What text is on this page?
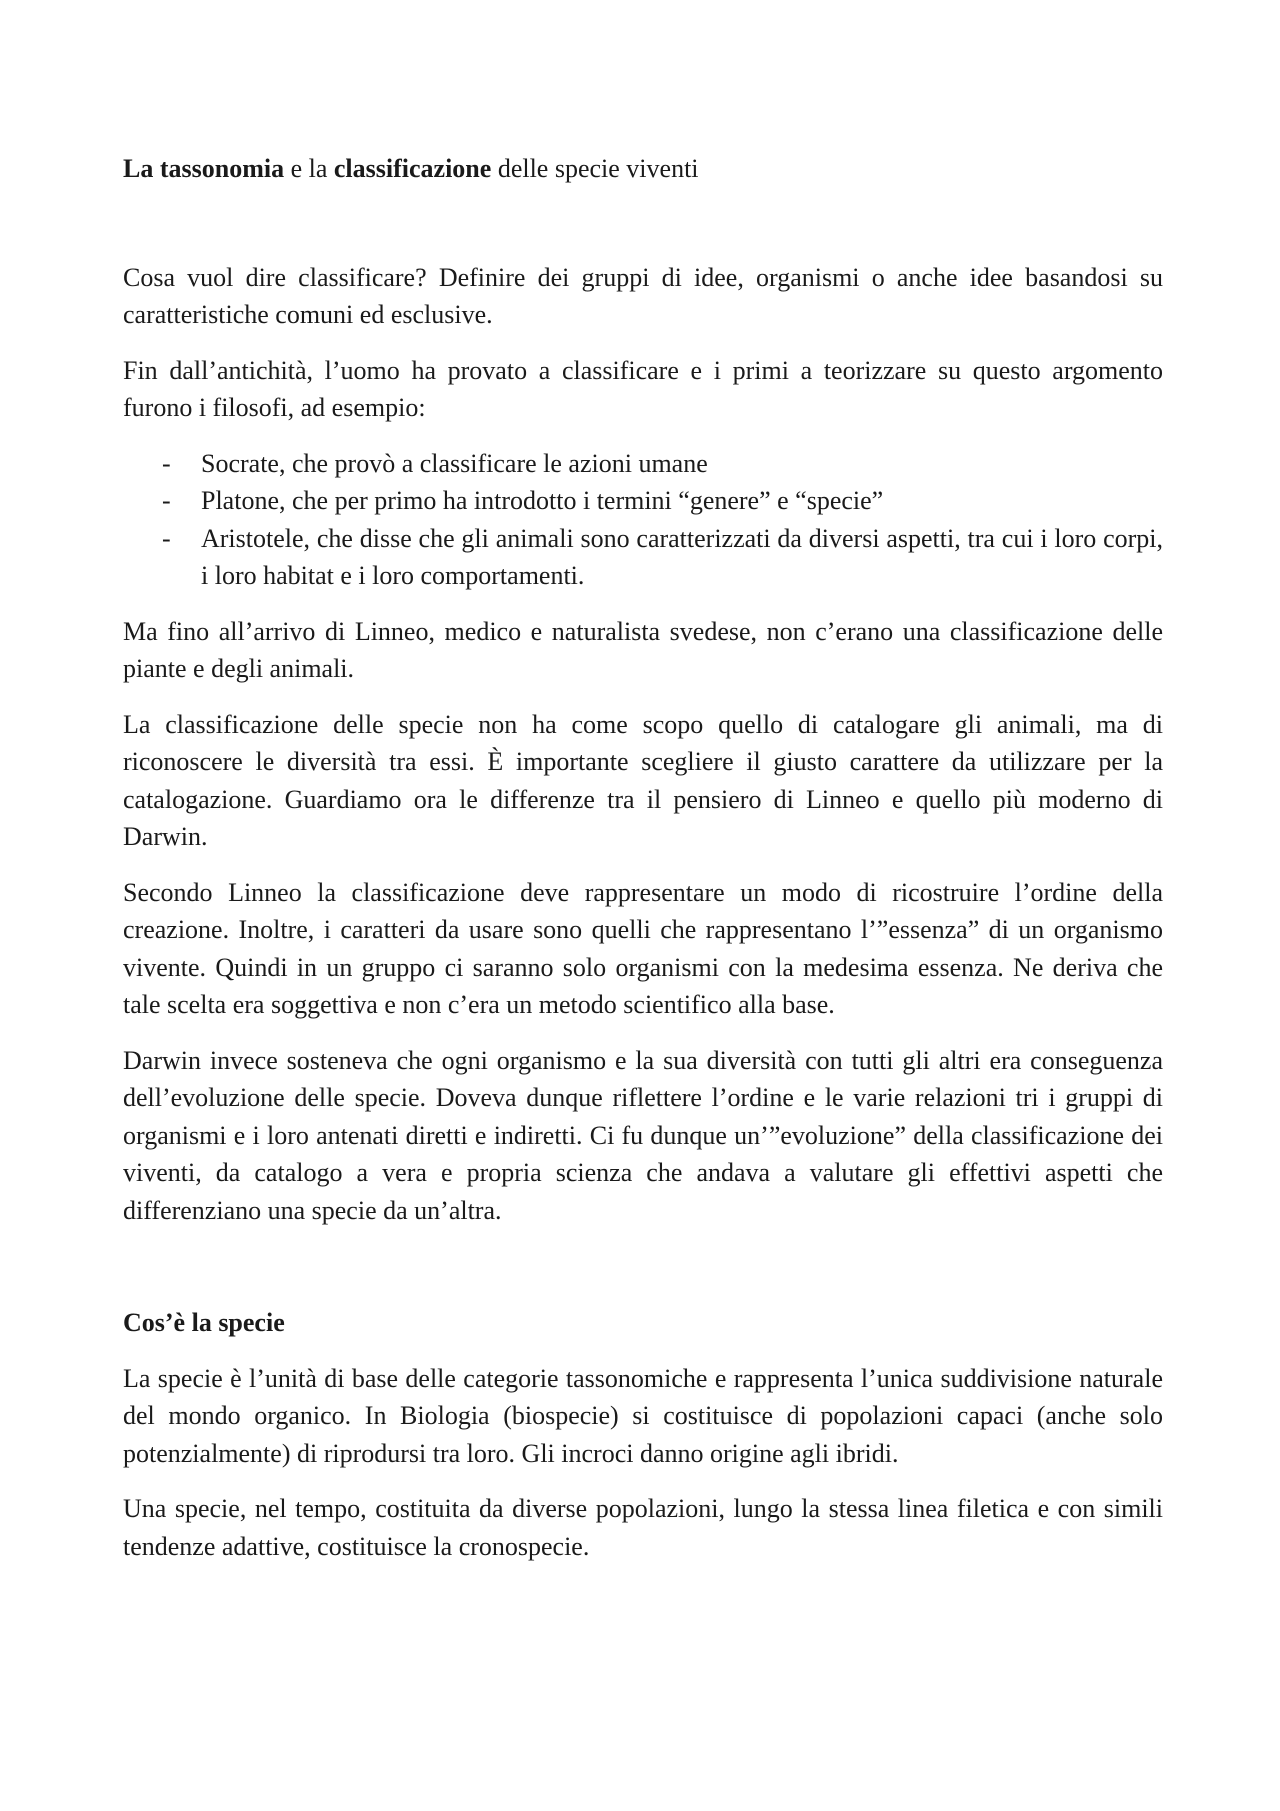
La tassonomia e la classificazione delle specie viventi

Cosa vuol dire classificare? Definire dei gruppi di idee, organismi o anche idee basandosi su caratteristiche comuni ed esclusive.

Fin dall’antichità, l’uomo ha provato a classificare e i primi a teorizzare su questo argomento furono i filosofi, ad esempio:

- Socrate, che provò a classificare le azioni umane
- Platone, che per primo ha introdotto i termini “genere” e “specie”
- Aristotele, che disse che gli animali sono caratterizzati da diversi aspetti, tra cui i loro corpi, i loro habitat e i loro comportamenti.

Ma fino all’arrivo di Linneo, medico e naturalista svedese, non c’erano una classificazione delle piante e degli animali.

La classificazione delle specie non ha come scopo quello di catalogare gli animali, ma di riconoscere le diversità tra essi. È importante scegliere il giusto carattere da utilizzare per la catalogazione. Guardiamo ora le differenze tra il pensiero di Linneo e quello più moderno di Darwin.

Secondo Linneo la classificazione deve rappresentare un modo di ricostruire l’ordine della creazione. Inoltre, i caratteri da usare sono quelli che rappresentano l’”essenza” di un organismo vivente. Quindi in un gruppo ci saranno solo organismi con la medesima essenza. Ne deriva che tale scelta era soggettiva e non c’era un metodo scientifico alla base.

Darwin invece sosteneva che ogni organismo e la sua diversità con tutti gli altri era conseguenza dell’evoluzione delle specie. Doveva dunque riflettere l’ordine e le varie relazioni tri i gruppi di organismi e i loro antenati diretti e indiretti. Ci fu dunque un’”evoluzione” della classificazione dei viventi, da catalogo a vera e propria scienza che andava a valutare gli effettivi aspetti che differenziano una specie da un’altra.

Cos’è la specie

La specie è l’unità di base delle categorie tassonomiche e rappresenta l’unica suddivisione naturale del mondo organico. In Biologia (biospecie) si costituisce di popolazioni capaci (anche solo potenzialmente) di riprodursi tra loro. Gli incroci danno origine agli ibridi.

Una specie, nel tempo, costituita da diverse popolazioni, lungo la stessa linea filetica e con simili tendenze adattive, costituisce la cronospecie.
